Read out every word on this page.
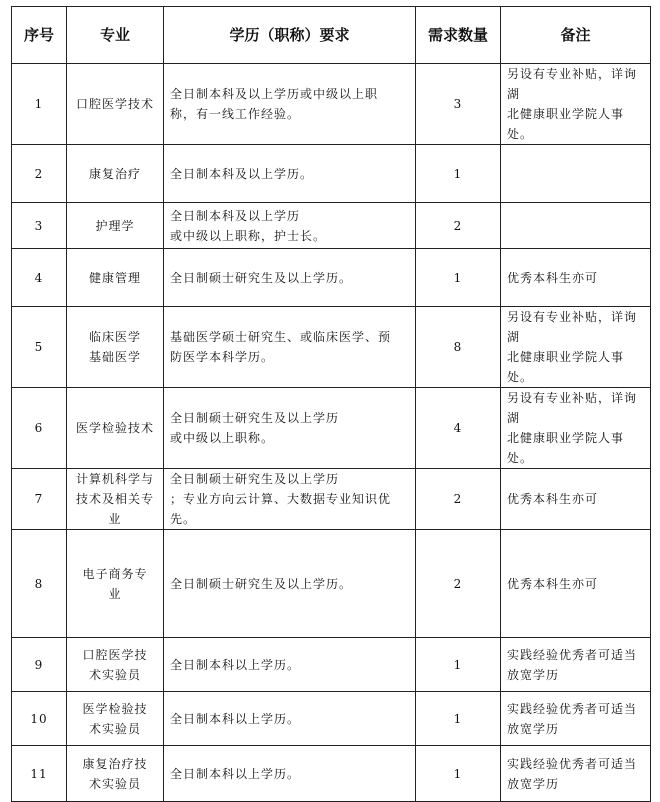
序号	专业	学历（职称）要求	需求数量	备注
1	口腔医学技术	全日制本科及以上学历或中级以上职
称，有一线工作经验。	3	另设有专业补贴，详询湖
北健康职业学院人事处。

2	康复治疗	全日制本科及以上学历。	1	
3	护理学	全日制本科及以上学历
或中级以上职称，护士长。	2	
4	健康管理	全日制硕士研究生及以上学历。	1	优秀本科生亦可

5	临床医学
基础医学	基础医学硕士研究生、或临床医学、预
防医学本科学历。	8	另设有专业补贴，详询湖
北健康职业学院人事处。

6	医学检验技术	全日制硕士研究生及以上学历
或中级以上职称。	4	另设有专业补贴，详询湖
北健康职业学院人事处。

7	计算机科学与
技术及相关专
业	全日制硕士研究生及以上学历
；专业方向云计算、大数据专业知识优
先。	2	优秀本科生亦可

8	电子商务专
业	全日制硕士研究生及以上学历。	2	优秀本科生亦可

9	口腔医学技
术实验员	全日制本科以上学历。	1	实践经验优秀者可适当
放宽学历

10	医学检验技
术实验员	全日制本科以上学历。	1	实践经验优秀者可适当
放宽学历

11	康复治疗技
术实验员	全日制本科以上学历。	1	实践经验优秀者可适当
放宽学历
